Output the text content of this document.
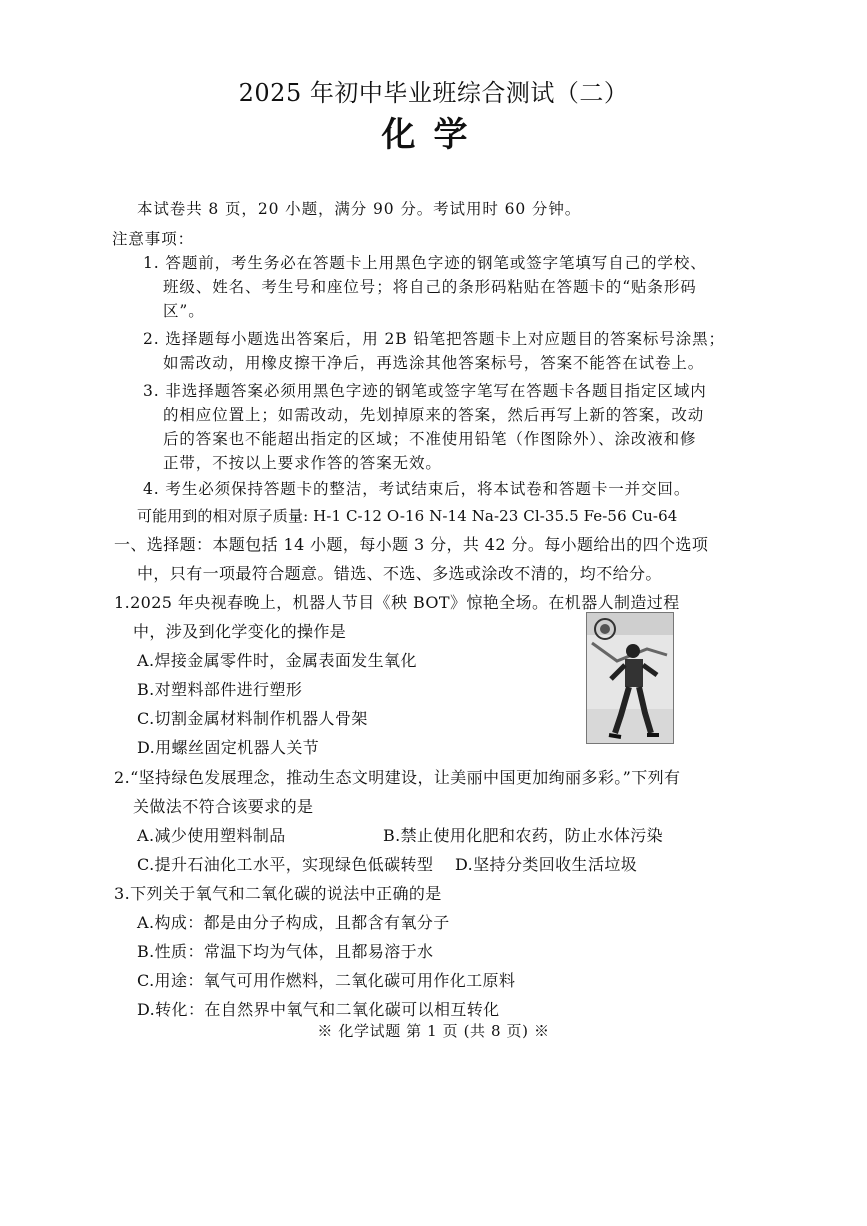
2025 年初中毕业班综合测试（二）
化学
本试卷共 8 页，20 小题，满分 90 分。考试用时 60 分钟。
注意事项：
1. 答题前，考生务必在答题卡上用黑色字迹的钢笔或签字笔填写自己的学校、
班级、姓名、考生号和座位号；将自己的条形码粘贴在答题卡的“贴条形码
区”。
2. 选择题每小题选出答案后，用 2B 铅笔把答题卡上对应题目的答案标号涂黑；
如需改动，用橡皮擦干净后，再选涂其他答案标号，答案不能答在试卷上。
3. 非选择题答案必须用黑色字迹的钢笔或签字笔写在答题卡各题目指定区域内
的相应位置上；如需改动，先划掉原来的答案，然后再写上新的答案，改动
后的答案也不能超出指定的区域；不准使用铅笔（作图除外）、涂改液和修
正带，不按以上要求作答的答案无效。
4. 考生必须保持答题卡的整洁，考试结束后，将本试卷和答题卡一并交回。
可能用到的相对原子质量: H-1 C-12 O-16 N-14 Na-23 Cl-35.5 Fe-56 Cu-64
一、选择题：本题包括 14 小题，每小题 3 分，共 42 分。每小题给出的四个选项
中，只有一项最符合题意。错选、不选、多选或涂改不清的，均不给分。
1.2025 年央视春晚上，机器人节目《秧 BOT》惊艳全场。在机器人制造过程
中，涉及到化学变化的操作是
A.焊接金属零件时，金属表面发生氧化
B.对塑料部件进行塑形
C.切割金属材料制作机器人骨架
D.用螺丝固定机器人关节
2.“坚持绿色发展理念，推动生态文明建设，让美丽中国更加绚丽多彩。”下列有
关做法不符合该要求的是
A.减少使用塑料制品	B.禁止使用化肥和农药，防止水体污染
C.提升石油化工水平，实现绿色低碳转型 D.坚持分类回收生活垃圾
3.下列关于氧气和二氧化碳的说法中正确的是
A.构成：都是由分子构成，且都含有氧分子
B.性质：常温下均为气体，且都易溶于水
C.用途：氧气可用作燃料，二氧化碳可用作化工原料
D.转化：在自然界中氧气和二氧化碳可以相互转化
※ 化学试题 第 1 页 (共 8 页) ※
